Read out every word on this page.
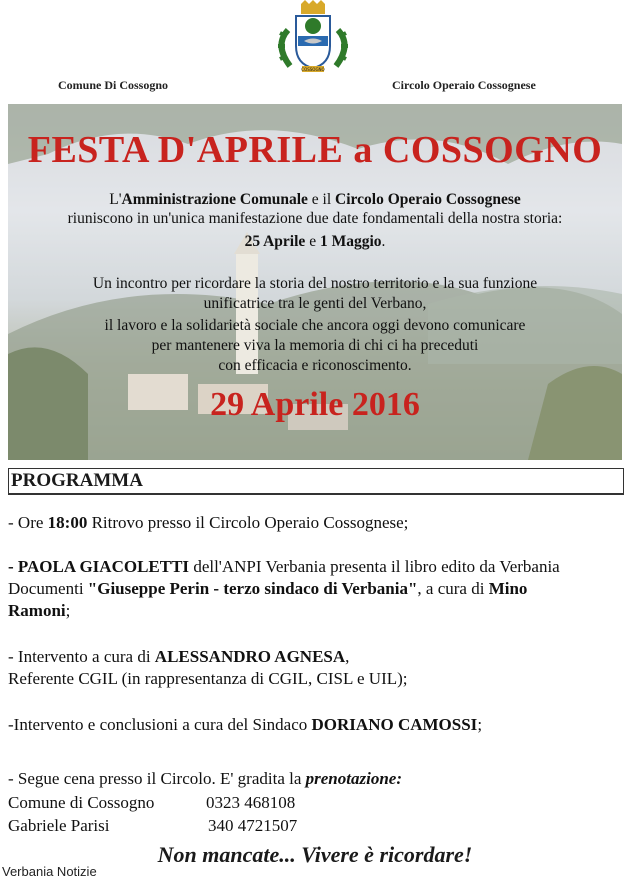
COSSOGNO
Comune Di Cossogno	Circolo Operaio Cossognese
FESTA D'APRILE a COSSOGNO
L'Amministrazione Comunale e il Circolo Operaio Cossognese
riuniscono in un'unica manifestazione due date fondamentali della nostra storia:
25 Aprile e 1 Maggio.
Un incontro per ricordare la storia del nostro territorio e la sua funzione
unificatrice tra le genti del Verbano,
il lavoro e la solidarietà sociale che ancora oggi devono comunicare
per mantenere viva la memoria di chi ci ha preceduti
con efficacia e riconoscimento.
29 Aprile 2016
PROGRAMMA
- Ore 18:00 Ritrovo presso il Circolo Operaio Cossognese;
- PAOLA GIACOLETTI dell'ANPI Verbania presenta il libro edito da Verbania
Documenti "Giuseppe Perin - terzo sindaco di Verbania", a cura di Mino
Ramoni;
- Intervento a cura di ALESSANDRO AGNESA,
Referente CGIL (in rappresentanza di CGIL, CISL e UIL);
-Intervento e conclusioni a cura del Sindaco DORIANO CAMOSSI;
- Segue cena presso il Circolo. E' gradita la prenotazione:
Comune di Cossogno	0323 468108
Gabriele Parisi	340 4721507
Non mancate... Vivere è ricordare!
Verbania Notizie
